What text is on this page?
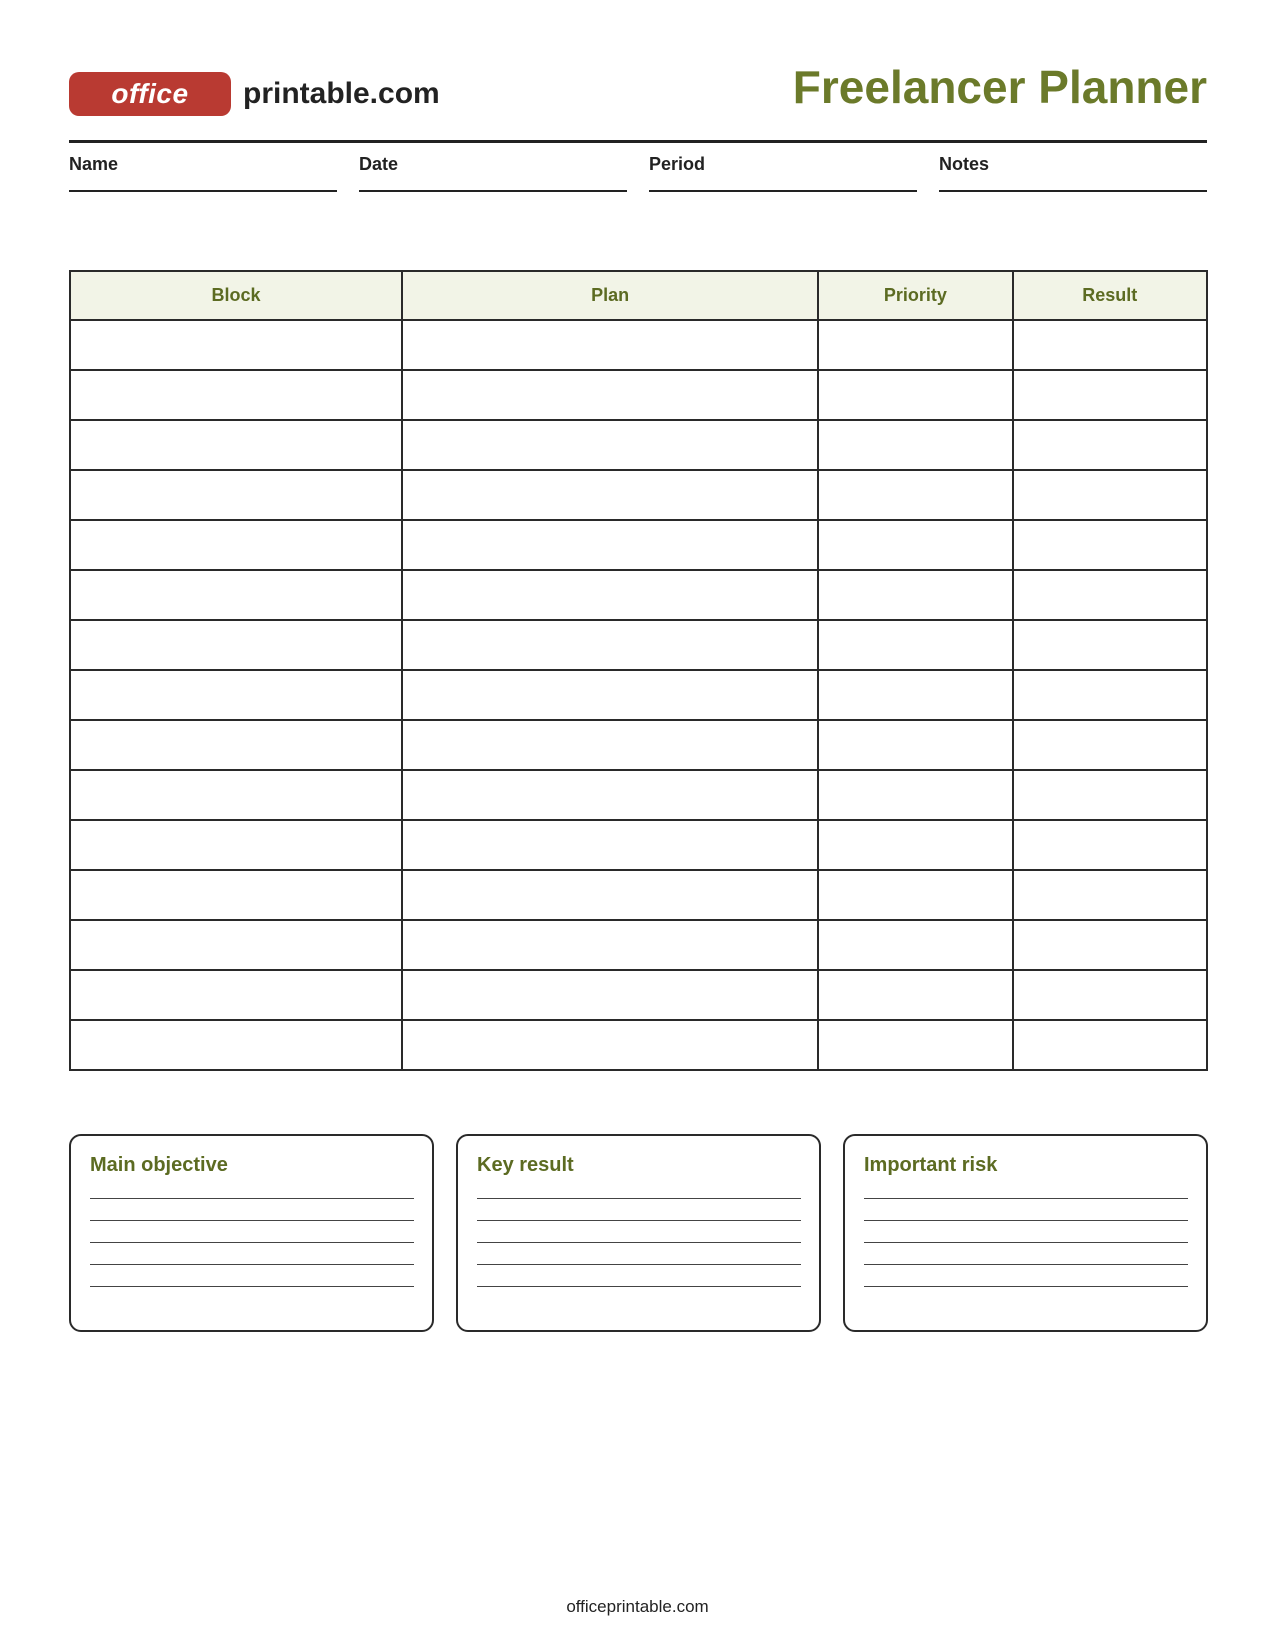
office	printable.com	Freelancer Planner
Name	Date	Period	Notes
Block	Plan	Priority	Result

Main objective	Key result	Important risk
officeprintable.com
